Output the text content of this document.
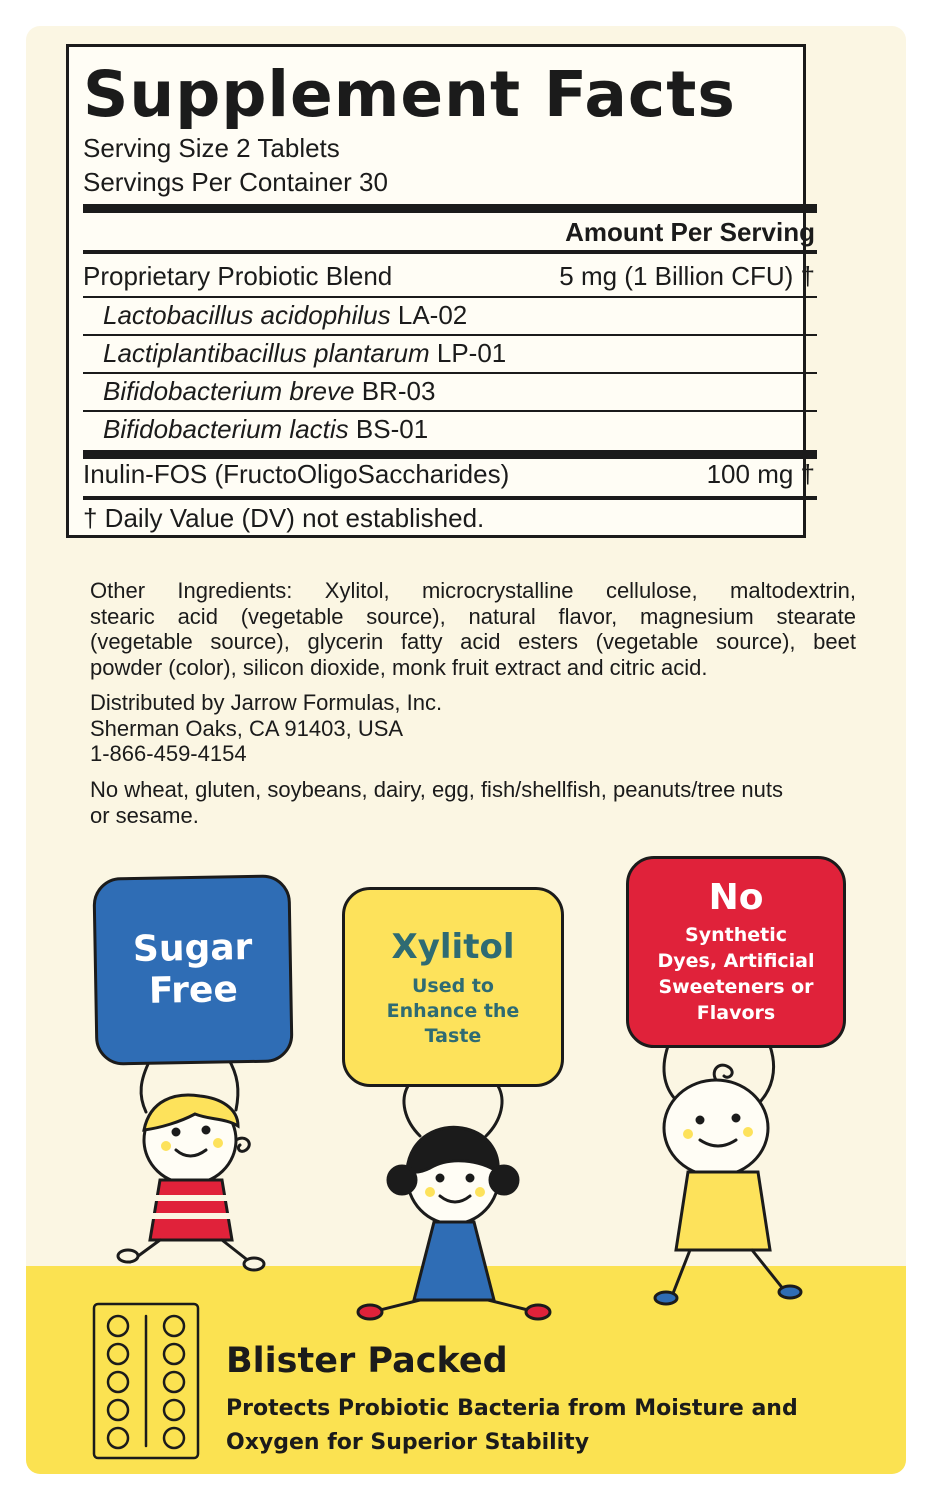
Supplement Facts
Serving Size 2 Tablets
Servings Per Container 30
Amount Per Serving
Proprietary Probiotic Blend	5 mg (1 Billion CFU) †
Lactobacillus acidophilus LA-02
Lactiplantibacillus plantarum LP-01
Bifidobacterium breve BR-03
Bifidobacterium lactis BS-01
Inulin-FOS (FructoOligoSaccharides)	100 mg †
† Daily Value (DV) not established.
Other Ingredients: Xylitol, microcrystalline cellulose, maltodextrin,
stearic acid (vegetable source), natural flavor, magnesium stearate
(vegetable source), glycerin fatty acid esters (vegetable source), beet
powder (color), silicon dioxide, monk fruit extract and citric acid.
Distributed by Jarrow Formulas, Inc.
Sherman Oaks, CA 91403, USA
1-866-459-4154
No wheat, gluten, soybeans, dairy, egg, fish/shellfish, peanuts/tree nuts
or sesame.
Sugar
Free
Xylitol
Used to
Enhance the
Taste
No
Synthetic
Dyes, Artificial
Sweeteners or
Flavors
Blister Packed
Protects Probiotic Bacteria from Moisture and
Oxygen for Superior Stability
